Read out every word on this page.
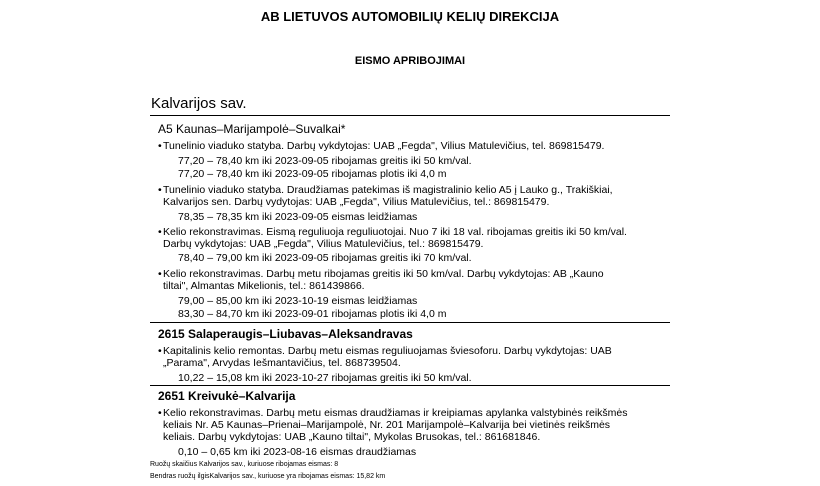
AB LIETUVOS AUTOMOBILIŲ KELIŲ DIREKCIJA
EISMO APRIBOJIMAI
Kalvarijos sav.
A5 Kaunas–Marijampolė–Suvalkai*
• Tunelinio viaduko statyba. Darbų vykdytojas: UAB „Fegda", Vilius Matulevičius, tel. 869815479.
77,20 – 78,40 km iki 2023-09-05 ribojamas greitis iki 50 km/val.
77,20 – 78,40 km iki 2023-09-05 ribojamas plotis iki 4,0 m
• Tunelinio viaduko statyba. Draudžiamas patekimas iš magistralinio kelio A5 į Lauko g., Trakiškiai,
Kalvarijos sen. Darbų vydytojas: UAB „Fegda", Vilius Matulevičius, tel.: 869815479.
78,35 – 78,35 km iki 2023-09-05 eismas leidžiamas
• Kelio rekonstravimas. Eismą reguliuoja reguliuotojai. Nuo 7 iki 18 val. ribojamas greitis iki 50 km/val.
Darbų vykdytojas: UAB „Fegda", Vilius Matulevičius, tel.: 869815479.
78,40 – 79,00 km iki 2023-09-05 ribojamas greitis iki 70 km/val.
• Kelio rekonstravimas. Darbų metu ribojamas greitis iki 50 km/val. Darbų vykdytojas: AB „Kauno
tiltai", Almantas Mikelionis, tel.: 861439866.
79,00 – 85,00 km iki 2023-10-19 eismas leidžiamas
83,30 – 84,70 km iki 2023-09-01 ribojamas plotis iki 4,0 m
2615 Salaperaugis–Liubavas–Aleksandravas
• Kapitalinis kelio remontas. Darbų metu eismas reguliuojamas šviesoforu. Darbų vykdytojas: UAB
„Parama", Arvydas Iešmantavičius, tel. 868739504.
10,22 – 15,08 km iki 2023-10-27 ribojamas greitis iki 50 km/val.
2651 Kreivukė–Kalvarija
• Kelio rekonstravimas. Darbų metu eismas draudžiamas ir kreipiamas apylanka valstybinės reikšmės
keliais Nr. A5 Kaunas–Prienai–Marijampolė, Nr. 201 Marijampolė–Kalvarija bei vietinės reikšmės
keliais. Darbų vykdytojas: UAB „Kauno tiltai", Mykolas Brusokas, tel.: 861681846.
0,10 – 0,65 km iki 2023-08-16 eismas draudžiamas
Ruožų skaičius Kalvarijos sav., kuriuose ribojamas eismas: 8
Bendras ruožų ilgisKalvarijos sav., kuriuose yra ribojamas eismas: 15,82 km
